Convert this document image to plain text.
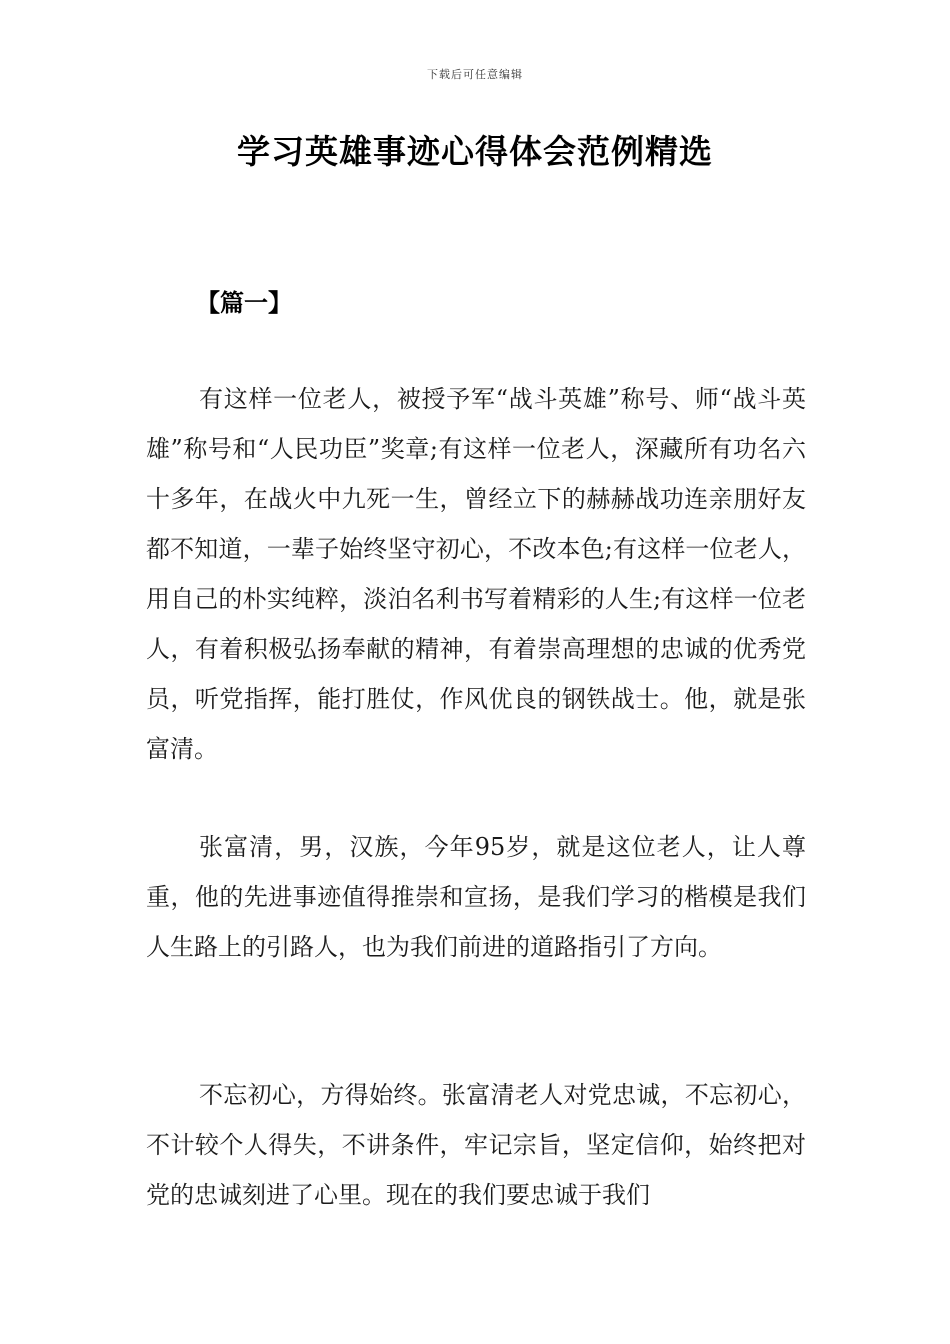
下载后可任意编辑
学习英雄事迹心得体会范例精选
【篇一】

有这样一位老人，被授予军“战斗英雄”称号、师“战斗英雄”称号和“人民功臣”奖章;有这样一位老人，深藏所有功名六十多年，在战火中九死一生，曾经立下的赫赫战功连亲朋好友都不知道，一辈子始终坚守初心，不改本色;有这样一位老人，用自己的朴实纯粹，淡泊名利书写着精彩的人生;有这样一位老人，有着积极弘扬奉献的精神，有着崇高理想的忠诚的优秀党员，听党指挥，能打胜仗，作风优良的钢铁战士。他，就是张富清。

张富清，男，汉族，今年95岁，就是这位老人，让人尊重，他的先进事迹值得推崇和宣扬，是我们学习的楷模是我们人生路上的引路人，也为我们前进的道路指引了方向。

不忘初心，方得始终。张富清老人对党忠诚，不忘初心，不计较个人得失，不讲条件，牢记宗旨，坚定信仰，始终把对党的忠诚刻进了心里。现在的我们要忠诚于我们
